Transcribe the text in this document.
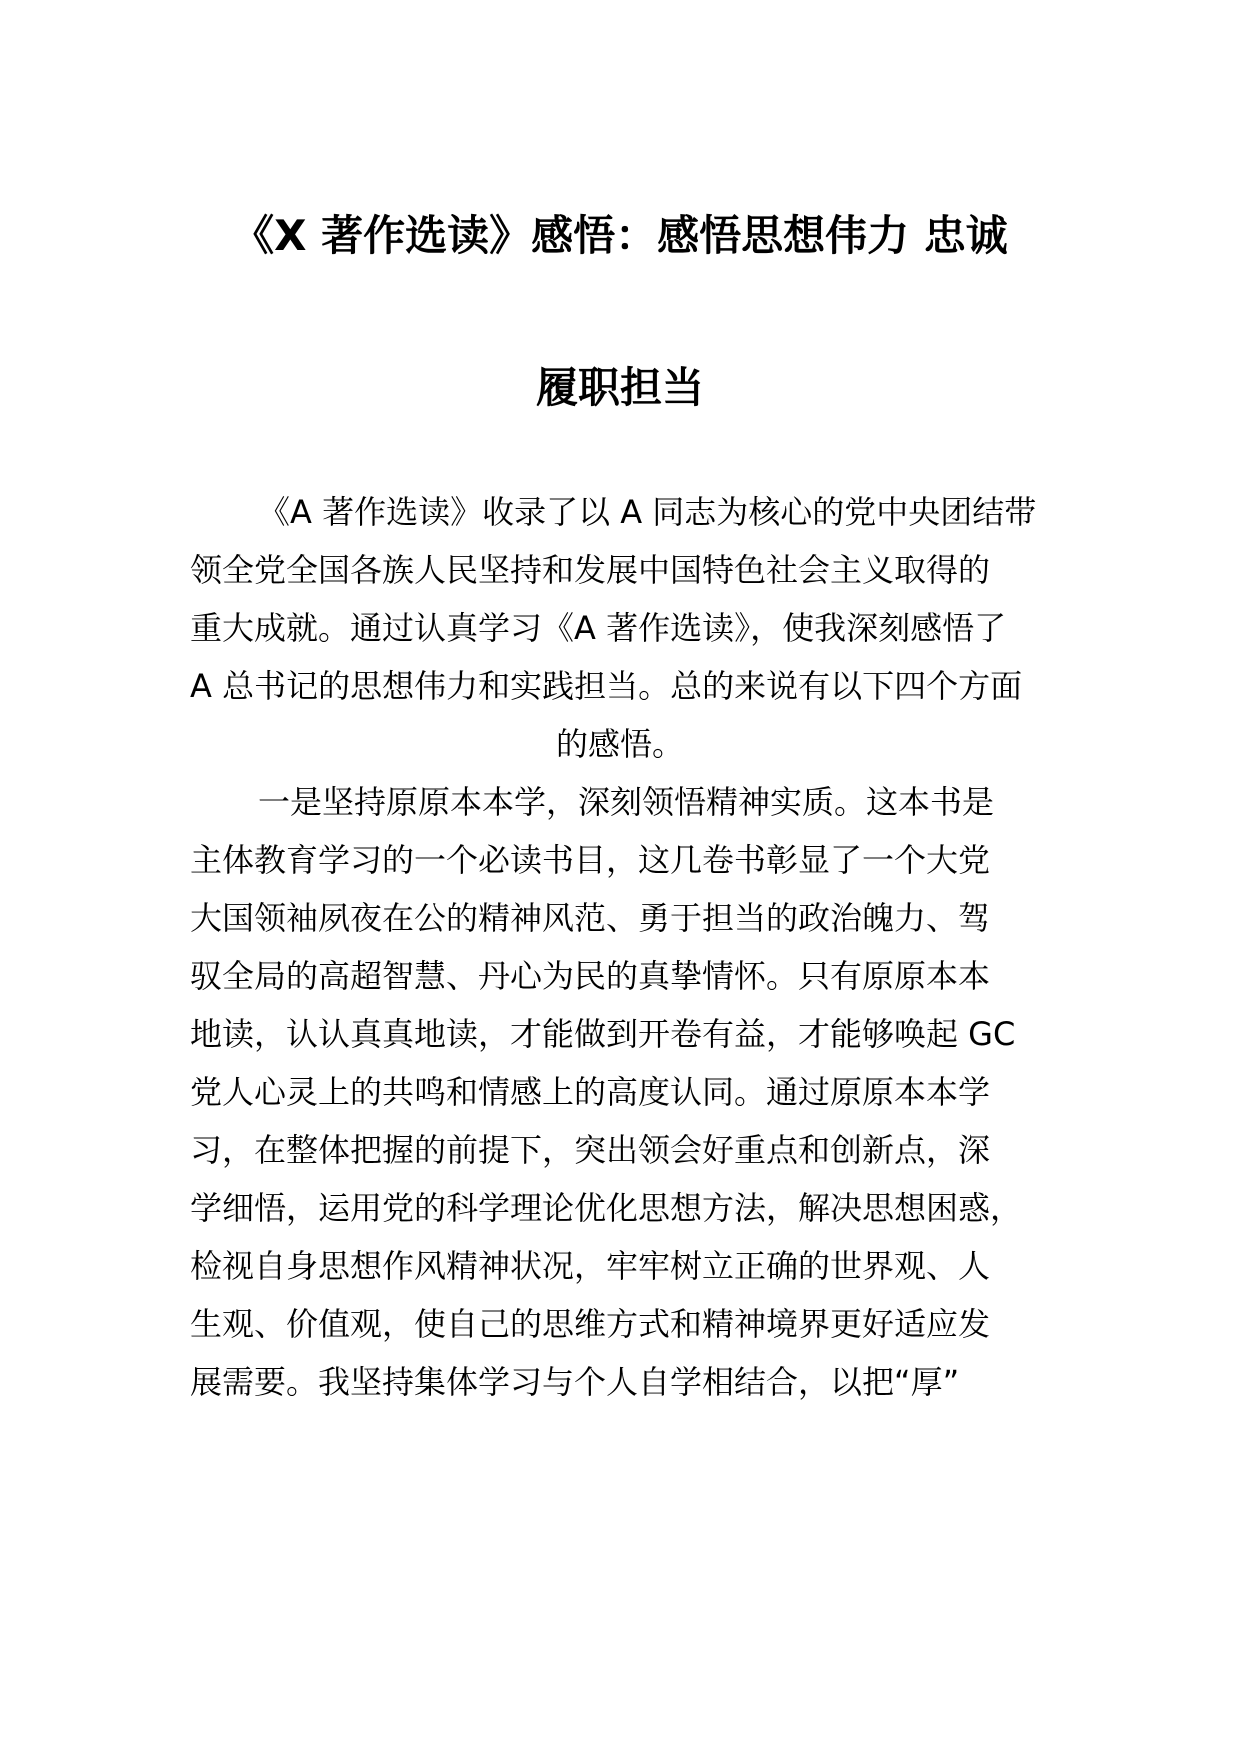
《X 著作选读》感悟：感悟思想伟力 忠诚
履职担当

《A 著作选读》收录了以 A 同志为核心的党中央团结带

领全党全国各族人民坚持和发展中国特色社会主义取得的

重大成就。通过认真学习《A 著作选读》，使我深刻感悟了

A 总书记的思想伟力和实践担当。总的来说有以下四个方面

的感悟。

一是坚持原原本本学，深刻领悟精神实质。这本书是

主体教育学习的一个必读书目，这几卷书彰显了一个大党

大国领袖夙夜在公的精神风范、勇于担当的政治魄力、驾

驭全局的高超智慧、丹心为民的真挚情怀。只有原原本本

地读，认认真真地读，才能做到开卷有益，才能够唤起 GC

党人心灵上的共鸣和情感上的高度认同。通过原原本本学

习，在整体把握的前提下，突出领会好重点和创新点，深

学细悟，运用党的科学理论优化思想方法，解决思想困惑，

检视自身思想作风精神状况，牢牢树立正确的世界观、人

生观、价值观，使自己的思维方式和精神境界更好适应发

展需要。我坚持集体学习与个人自学相结合，以把“厚”
